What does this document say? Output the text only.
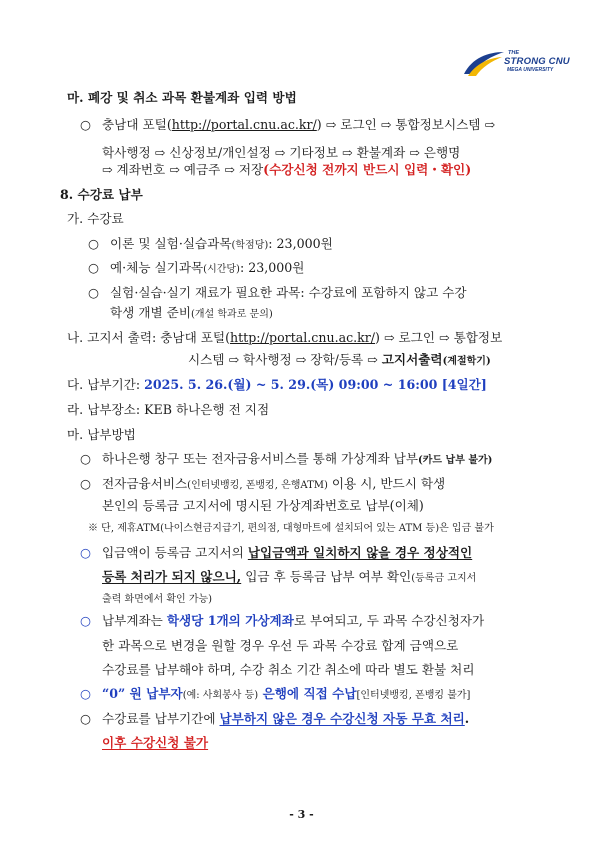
THE
STRONG CNU
MEGA UNIVERSITY
마. 폐강 및 취소 과목 환불계좌 입력 방법
○ 충남대 포털(http://portal.cnu.ac.kr/) ⇨ 로그인 ⇨ 통합정보시스템 ⇨
학사행정 ⇨ 신상정보/개인설정 ⇨ 기타정보 ⇨ 환불계좌 ⇨ 은행명
⇨ 계좌번호 ⇨ 예금주 ⇨ 저장(수강신청 전까지 반드시 입력・확인)
8. 수강료 납부
가. 수강료
○ 이론 및 실험·실습과목(학점당): 23,000원
○ 예·체능 실기과목(시간당): 23,000원
○ 실험·실습·실기 재료가 필요한 과목: 수강료에 포함하지 않고 수강
학생 개별 준비(개설 학과로 문의)
나. 고지서 출력: 충남대 포털(http://portal.cnu.ac.kr/) ⇨ 로그인 ⇨ 통합정보
시스템 ⇨ 학사행정 ⇨ 장학/등록 ⇨ 고지서출력(계절학기)
다. 납부기간: 2025. 5. 26.(월) ~ 5. 29.(목) 09:00 ~ 16:00 [4일간]
라. 납부장소: KEB 하나은행 전 지점
마. 납부방법
○ 하나은행 창구 또는 전자금융서비스를 통해 가상계좌 납부(카드 납부 불가)
○ 전자금융서비스(인터넷뱅킹, 폰뱅킹, 은행ATM) 이용 시, 반드시 학생
본인의 등록금 고지서에 명시된 가상계좌번호로 납부(이체)
※ 단, 제휴ATM(나이스현금지급기, 편의점, 대형마트에 설치되어 있는 ATM 등)은 입금 불가
○ 입금액이 등록금 고지서의 납입금액과 일치하지 않을 경우 정상적인
등록 처리가 되지 않으니, 입금 후 등록금 납부 여부 확인(등록금 고지서
출력 화면에서 확인 가능)
○ 납부계좌는 학생당 1개의 가상계좌로 부여되고, 두 과목 수강신청자가
한 과목으로 변경을 원할 경우 우선 두 과목 수강료 합계 금액으로
수강료를 납부해야 하며, 수강 취소 기간 취소에 따라 별도 환불 처리
○ “0” 원 납부자(예: 사회봉사 등) 은행에 직접 수납[인터넷뱅킹, 폰뱅킹 불가]
○ 수강료를 납부기간에 납부하지 않은 경우 수강신청 자동 무효 처리.
이후 수강신청 불가
- 3 -
